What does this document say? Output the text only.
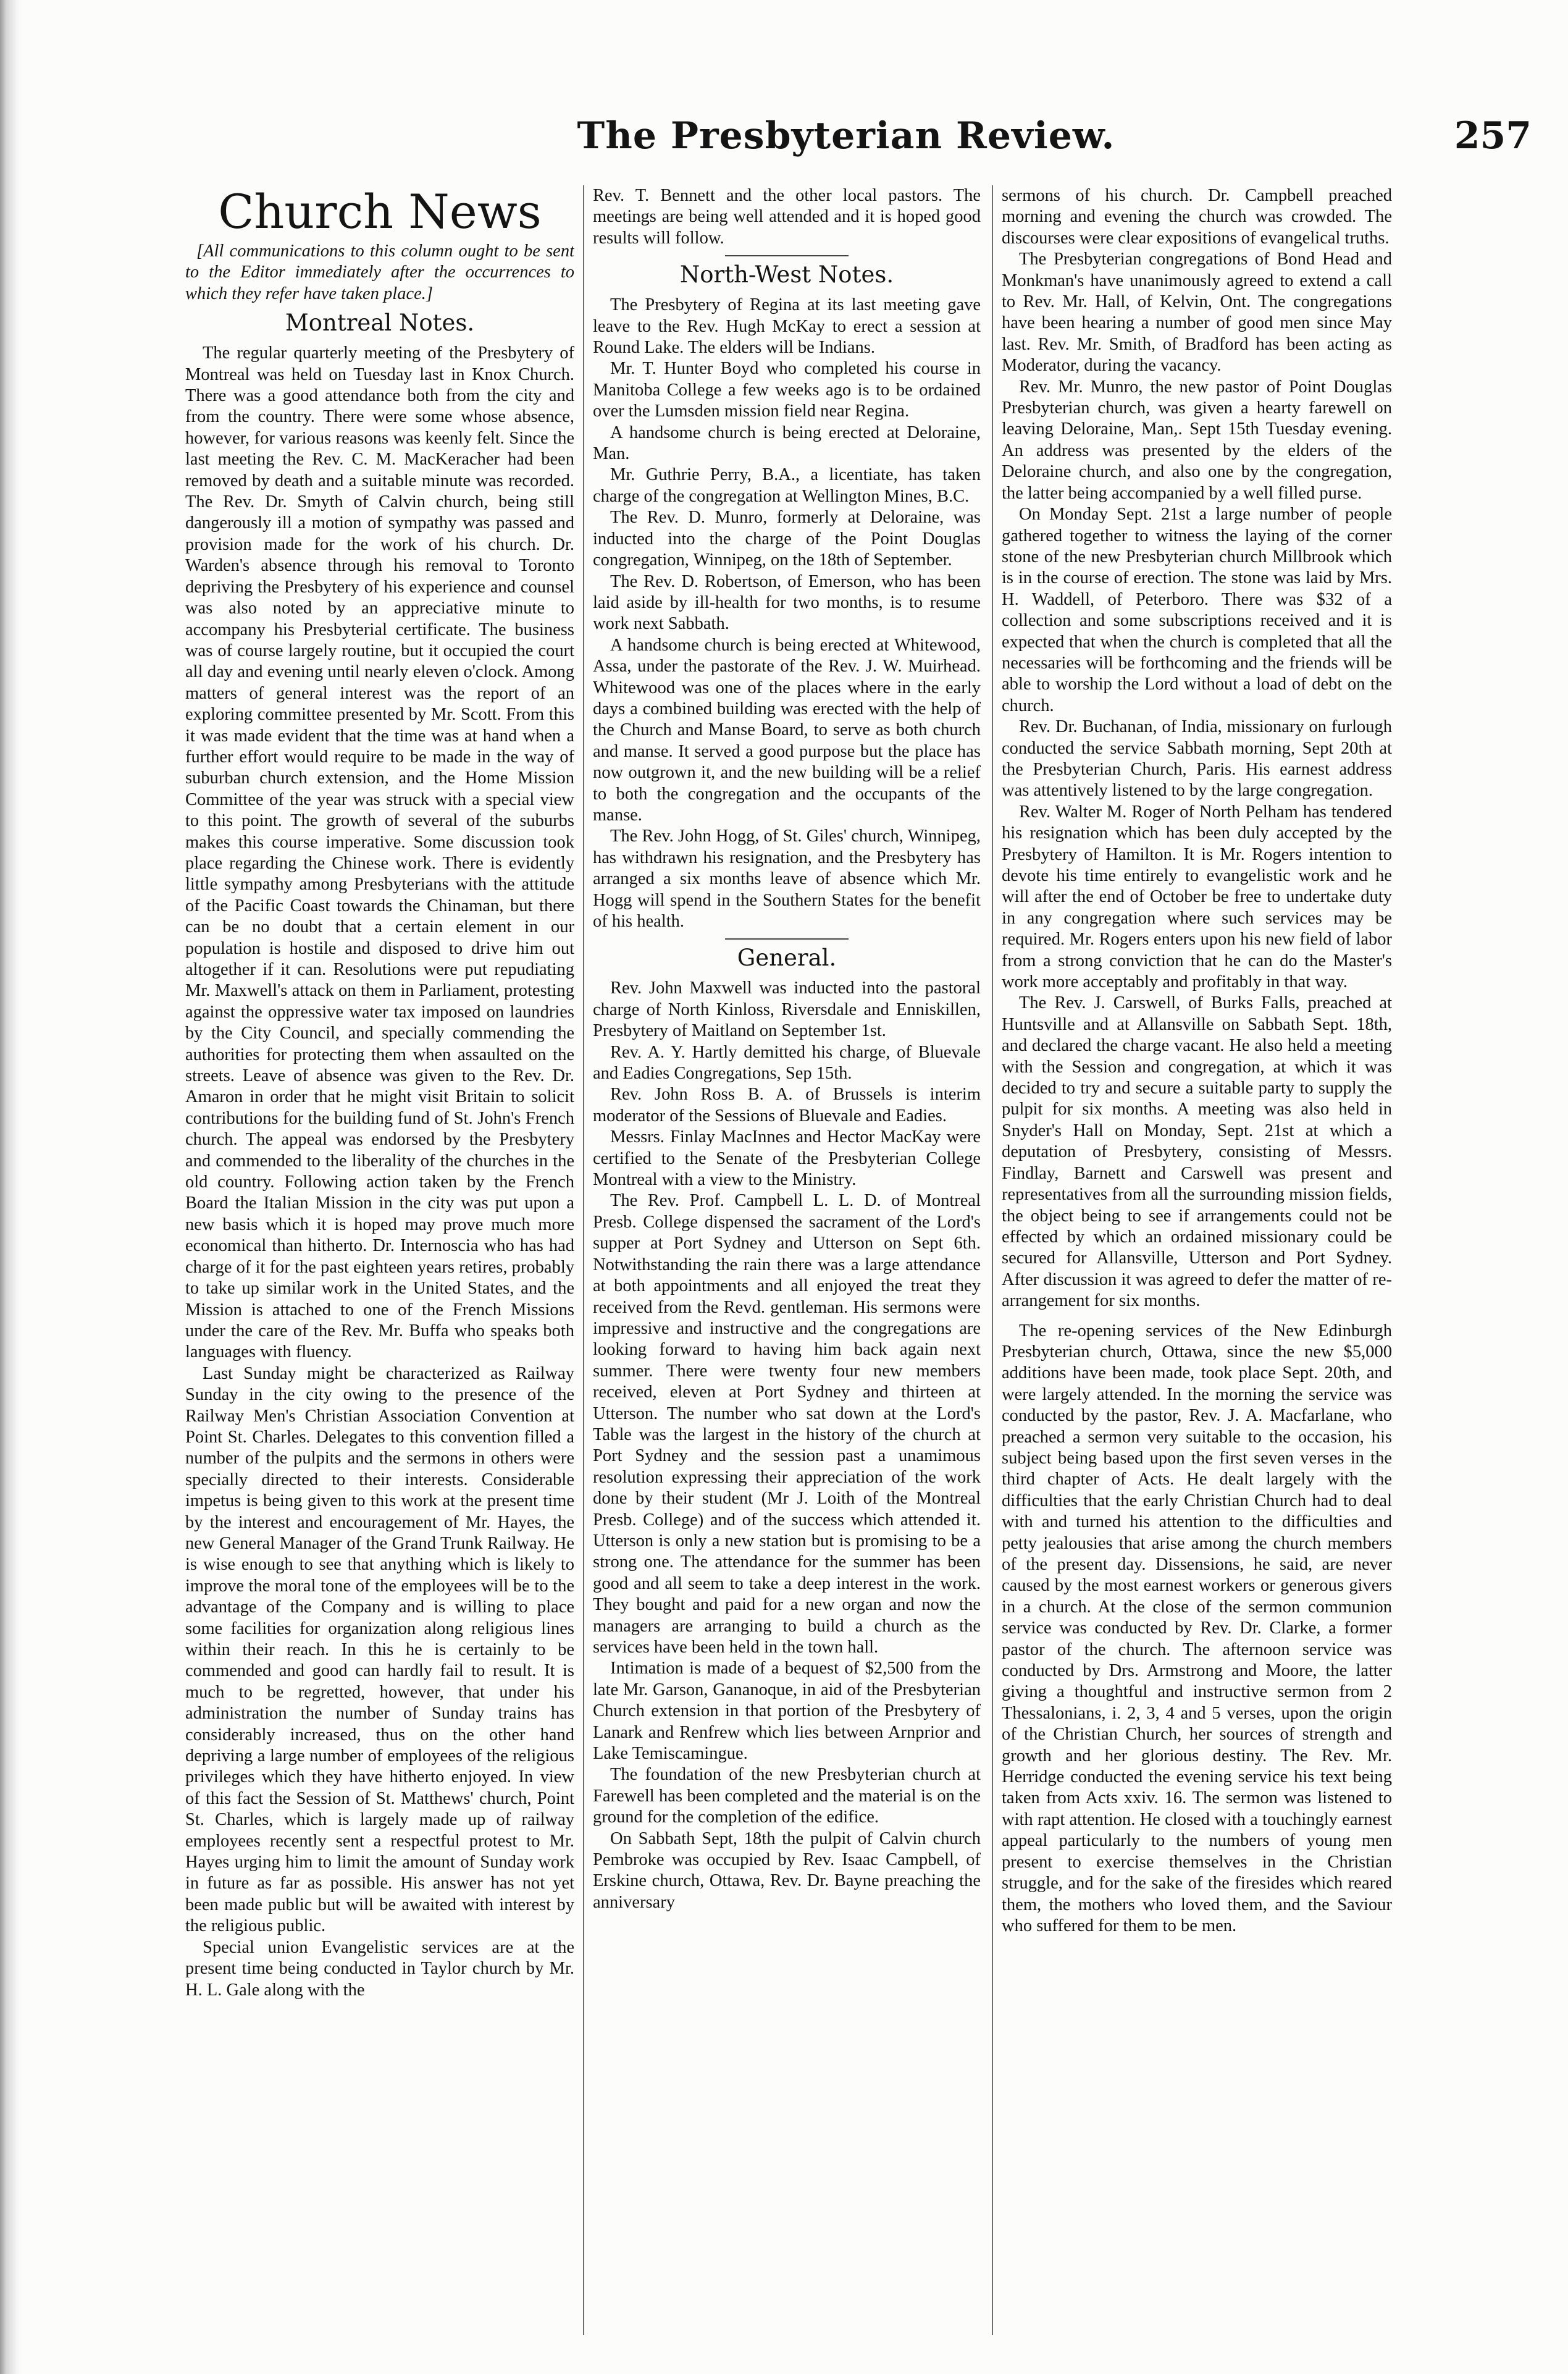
The Presbyterian Review.	257
Church News

[All communications to this column ought to be sent to the Editor immediately after the occurrences to which they refer have taken place.]

Montreal Notes.

The regular quarterly meeting of the Presbytery of Montreal was held on Tuesday last in Knox Church. There was a good attendance both from the city and from the country. There were some whose absence, however, for various reasons was keenly felt. Since the last meeting the Rev. C. M. MacKeracher had been removed by death and a suitable minute was recorded. The Rev. Dr. Smyth of Calvin church, being still dangerously ill a motion of sympathy was passed and provision made for the work of his church. Dr. Warden's absence through his removal to Toronto depriving the Presbytery of his experience and counsel was also noted by an appreciative minute to accompany his Presbyterial certificate. The business was of course largely routine, but it occupied the court all day and evening until nearly eleven o'clock. Among matters of general interest was the report of an exploring committee presented by Mr. Scott. From this it was made evident that the time was at hand when a further effort would require to be made in the way of suburban church extension, and the Home Mission Committee of the year was struck with a special view to this point. The growth of several of the suburbs makes this course imperative. Some discussion took place regarding the Chinese work. There is evidently little sympathy among Presbyterians with the attitude of the Pacific Coast towards the Chinaman, but there can be no doubt that a certain element in our population is hostile and disposed to drive him out altogether if it can. Resolutions were put repudiating Mr. Maxwell's attack on them in Parliament, protesting against the oppressive water tax imposed on laundries by the City Council, and specially commending the authorities for protecting them when assaulted on the streets. Leave of absence was given to the Rev. Dr. Amaron in order that he might visit Britain to solicit contributions for the building fund of St. John's French church. The appeal was endorsed by the Presbytery and commended to the liberality of the churches in the old country. Following action taken by the French Board the Italian Mission in the city was put upon a new basis which it is hoped may prove much more economical than hitherto. Dr. Internoscia who has had charge of it for the past eighteen years retires, probably to take up similar work in the United States, and the Mission is attached to one of the French Missions under the care of the Rev. Mr. Buffa who speaks both languages with fluency.

Last Sunday might be characterized as Railway Sunday in the city owing to the presence of the Railway Men's Christian Association Convention at Point St. Charles. Delegates to this convention filled a number of the pulpits and the sermons in others were specially directed to their interests. Considerable impetus is being given to this work at the present time by the interest and encouragement of Mr. Hayes, the new General Manager of the Grand Trunk Railway. He is wise enough to see that anything which is likely to improve the moral tone of the employees will be to the advantage of the Company and is willing to place some facilities for organization along religious lines within their reach. In this he is certainly to be commended and good can hardly fail to result. It is much to be regretted, however, that under his administration the number of Sunday trains has considerably increased, thus on the other hand depriving a large number of employees of the religious privileges which they have hitherto enjoyed. In view of this fact the Session of St. Matthews' church, Point St. Charles, which is largely made up of railway employees recently sent a respectful protest to Mr. Hayes urging him to limit the amount of Sunday work in future as far as possible. His answer has not yet been made public but will be awaited with interest by the religious public.

Special union Evangelistic services are at the present time being conducted in Taylor church by Mr. H. L. Gale along with the

Rev. T. Bennett and the other local pastors. The meetings are being well attended and it is hoped good results will follow.

North-West Notes.

The Presbytery of Regina at its last meeting gave leave to the Rev. Hugh McKay to erect a session at Round Lake. The elders will be Indians.

Mr. T. Hunter Boyd who completed his course in Manitoba College a few weeks ago is to be ordained over the Lumsden mission field near Regina.

A handsome church is being erected at Deloraine, Man.

Mr. Guthrie Perry, B.A., a licentiate, has taken charge of the congregation at Wellington Mines, B.C.

The Rev. D. Munro, formerly at Deloraine, was inducted into the charge of the Point Douglas congregation, Winnipeg, on the 18th of September.

The Rev. D. Robertson, of Emerson, who has been laid aside by ill-health for two months, is to resume work next Sabbath.

A handsome church is being erected at Whitewood, Assa, under the pastorate of the Rev. J. W. Muirhead. Whitewood was one of the places where in the early days a combined building was erected with the help of the Church and Manse Board, to serve as both church and manse. It served a good purpose but the place has now outgrown it, and the new building will be a relief to both the congregation and the occupants of the manse.

The Rev. John Hogg, of St. Giles' church, Winnipeg, has withdrawn his resignation, and the Presbytery has arranged a six months leave of absence which Mr. Hogg will spend in the Southern States for the benefit of his health.

General.

Rev. John Maxwell was inducted into the pastoral charge of North Kinloss, Riversdale and Enniskillen, Presbytery of Maitland on September 1st.

Rev. A. Y. Hartly demitted his charge, of Bluevale and Eadies Congregations, Sep 15th.

Rev. John Ross B. A. of Brussels is interim moderator of the Sessions of Bluevale and Eadies.

Messrs. Finlay MacInnes and Hector MacKay were certified to the Senate of the Presbyterian College Montreal with a view to the Ministry.

The Rev. Prof. Campbell L. L. D. of Montreal Presb. College dispensed the sacrament of the Lord's supper at Port Sydney and Utterson on Sept 6th. Notwithstanding the rain there was a large attendance at both appointments and all enjoyed the treat they received from the Revd. gentleman. His sermons were impressive and instructive and the congregations are looking forward to having him back again next summer. There were twenty four new members received, eleven at Port Sydney and thirteen at Utterson. The number who sat down at the Lord's Table was the largest in the history of the church at Port Sydney and the session past a unamimous resolution expressing their appreciation of the work done by their student (Mr J. Loith of the Montreal Presb. College) and of the success which attended it. Utterson is only a new station but is promising to be a strong one. The attendance for the summer has been good and all seem to take a deep interest in the work. They bought and paid for a new organ and now the managers are arranging to build a church as the services have been held in the town hall.

Intimation is made of a bequest of $2,500 from the late Mr. Garson, Gananoque, in aid of the Presbyterian Church extension in that portion of the Presbytery of Lanark and Renfrew which lies between Arnprior and Lake Temiscamingue.

The foundation of the new Presbyterian church at Farewell has been completed and the material is on the ground for the completion of the edifice.

On Sabbath Sept, 18th the pulpit of Calvin church Pembroke was occupied by Rev. Isaac Campbell, of Erskine church, Ottawa, Rev. Dr. Bayne preaching the anniversary

sermons of his church. Dr. Campbell preached morning and evening the church was crowded. The discourses were clear expositions of evangelical truths.

The Presbyterian congregations of Bond Head and Monkman's have unanimously agreed to extend a call to Rev. Mr. Hall, of Kelvin, Ont. The congregations have been hearing a number of good men since May last. Rev. Mr. Smith, of Bradford has been acting as Moderator, during the vacancy.

Rev. Mr. Munro, the new pastor of Point Douglas Presbyterian church, was given a hearty farewell on leaving Deloraine, Man,. Sept 15th Tuesday evening. An address was presented by the elders of the Deloraine church, and also one by the congregation, the latter being accompanied by a well filled purse.

On Monday Sept. 21st a large number of people gathered together to witness the laying of the corner stone of the new Presbyterian church Millbrook which is in the course of erection. The stone was laid by Mrs. H. Waddell, of Peterboro. There was $32 of a collection and some subscriptions received and it is expected that when the church is completed that all the necessaries will be forthcoming and the friends will be able to worship the Lord without a load of debt on the church.

Rev. Dr. Buchanan, of India, missionary on furlough conducted the service Sabbath morning, Sept 20th at the Presbyterian Church, Paris. His earnest address was attentively listened to by the large congregation.

Rev. Walter M. Roger of North Pelham has tendered his resignation which has been duly accepted by the Presbytery of Hamilton. It is Mr. Rogers intention to devote his time entirely to evangelistic work and he will after the end of October be free to undertake duty in any congregation where such services may be required. Mr. Rogers enters upon his new field of labor from a strong conviction that he can do the Master's work more acceptably and profitably in that way.

The Rev. J. Carswell, of Burks Falls, preached at Huntsville and at Allansville on Sabbath Sept. 18th, and declared the charge vacant. He also held a meeting with the Session and congregation, at which it was decided to try and secure a suitable party to supply the pulpit for six months. A meeting was also held in Snyder's Hall on Monday, Sept. 21st at which a deputation of Presbytery, consisting of Messrs. Findlay, Barnett and Carswell was present and representatives from all the surrounding mission fields, the object being to see if arrangements could not be effected by which an ordained missionary could be secured for Allansville, Utterson and Port Sydney. After discussion it was agreed to defer the matter of re-arrangement for six months.

The re-opening services of the New Edinburgh Presbyterian church, Ottawa, since the new $5,000 additions have been made, took place Sept. 20th, and were largely attended. In the morning the service was conducted by the pastor, Rev. J. A. Macfarlane, who preached a sermon very suitable to the occasion, his subject being based upon the first seven verses in the third chapter of Acts. He dealt largely with the difficulties that the early Christian Church had to deal with and turned his attention to the difficulties and petty jealousies that arise among the church members of the present day. Dissensions, he said, are never caused by the most earnest workers or generous givers in a church. At the close of the sermon communion service was conducted by Rev. Dr. Clarke, a former pastor of the church. The afternoon service was conducted by Drs. Armstrong and Moore, the latter giving a thoughtful and instructive sermon from 2 Thessalonians, i. 2, 3, 4 and 5 verses, upon the origin of the Christian Church, her sources of strength and growth and her glorious destiny. The Rev. Mr. Herridge conducted the evening service his text being taken from Acts xxiv. 16. The sermon was listened to with rapt attention. He closed with a touchingly earnest appeal particularly to the numbers of young men present to exercise themselves in the Christian struggle, and for the sake of the firesides which reared them, the mothers who loved them, and the Saviour who suffered for them to be men.
